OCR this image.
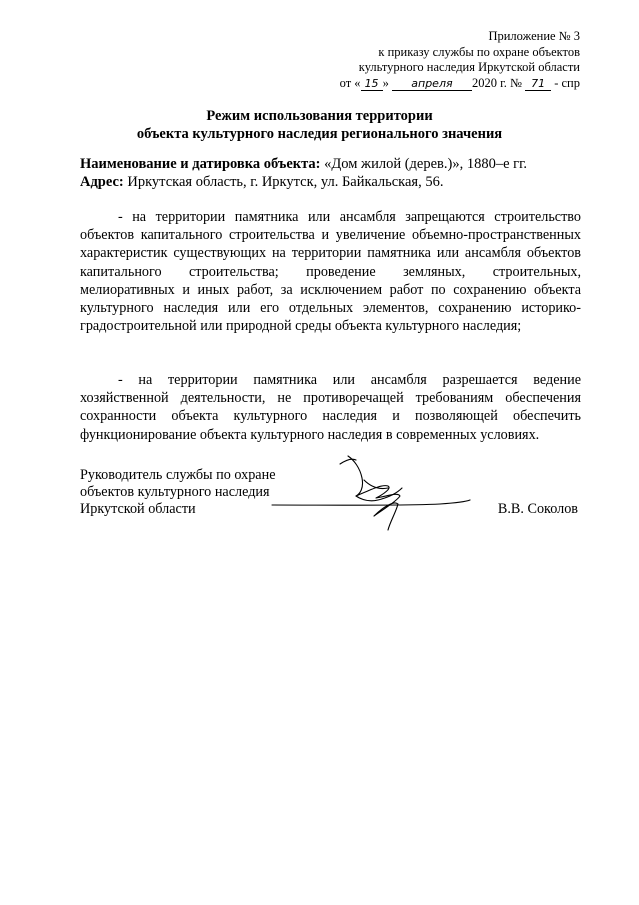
Приложение № 3
к приказу службы по охране объектов
культурного наследия Иркутской области
от « 15 » апреля 2020 г. № 71 - спр
Режим использования территории
объекта культурного наследия регионального значения
Наименование и датировка объекта: «Дом жилой (дерев.)», 1880–е гг.
Адрес: Иркутская область, г. Иркутск, ул. Байкальская, 56.

- на территории памятника или ансамбля запрещаются строительство объектов капитального строительства и увеличение объемно-пространственных характеристик существующих на территории памятника или ансамбля объектов капитального строительства; проведение земляных, строительных, мелиоративных и иных работ, за исключением работ по сохранению объекта культурного наследия или его отдельных элементов, сохранению историко-градостроительной или природной среды объекта культурного наследия;

- на территории памятника или ансамбля разрешается ведение хозяйственной деятельности, не противоречащей требованиям обеспечения сохранности объекта культурного наследия и позволяющей обеспечить функционирование объекта культурного наследия в современных условиях.

Руководитель службы по охране
объектов культурного наследия
Иркутской области	В.В. Соколов
